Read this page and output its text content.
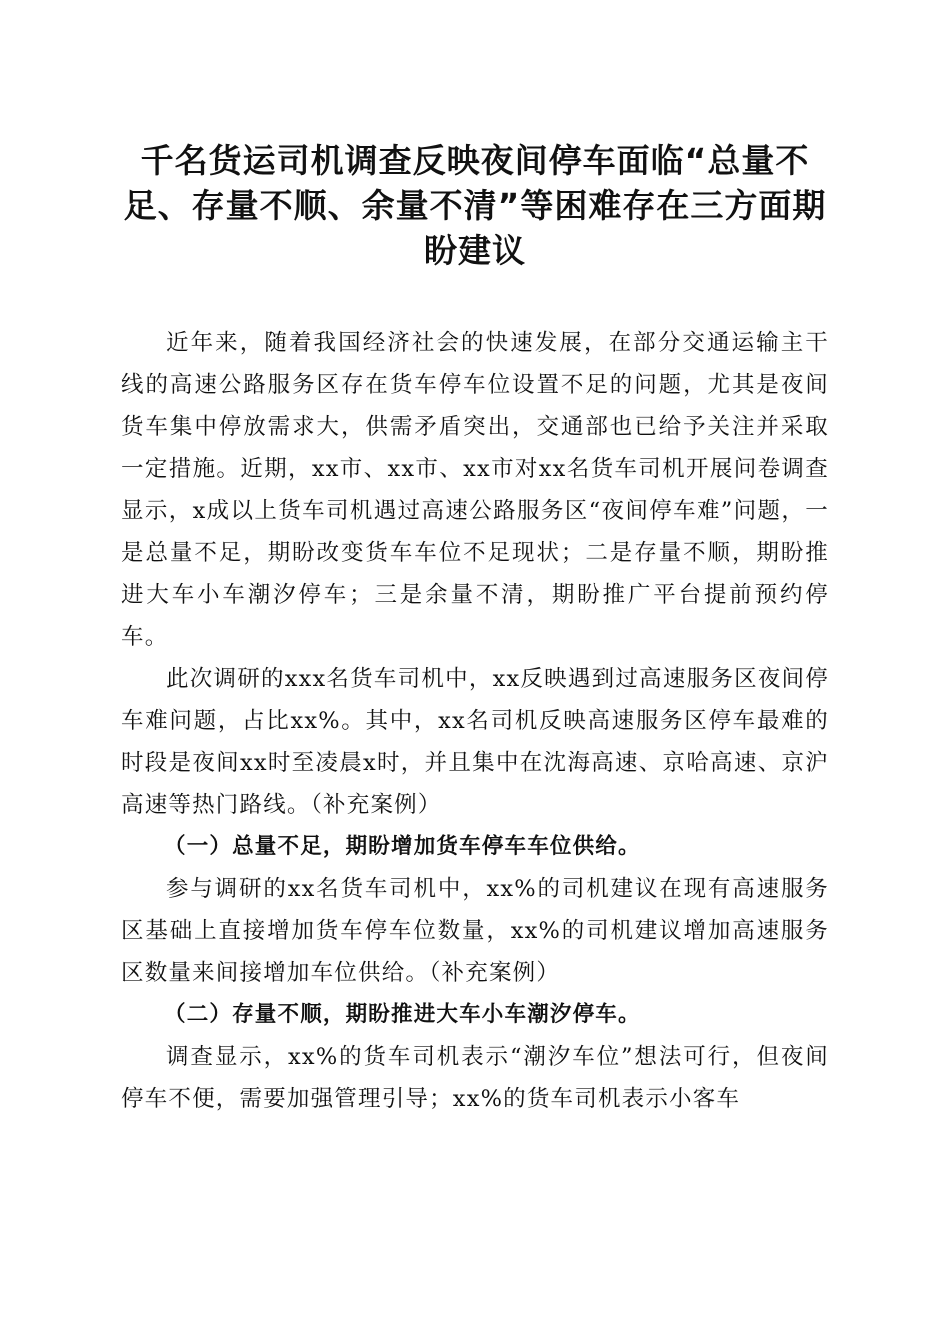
千名货运司机调查反映夜间停车面临“总量不足、存量不顺、余量不清”等困难存在三方面期盼建议

近年来，随着我国经济社会的快速发展，在部分交通运输主干线的高速公路服务区存在货车停车位设置不足的问题，尤其是夜间货车集中停放需求大，供需矛盾突出，交通部也已给予关注并采取一定措施。近期，xx市、xx市、xx市对xx名货车司机开展问卷调查显示，x成以上货车司机遇过高速公路服务区“夜间停车难”问题，一是总量不足，期盼改变货车车位不足现状；二是存量不顺，期盼推进大车小车潮汐停车；三是余量不清，期盼推广平台提前预约停车。

此次调研的xxx名货车司机中，xx反映遇到过高速服务区夜间停车难问题，占比xx%。其中，xx名司机反映高速服务区停车最难的时段是夜间xx时至凌晨x时，并且集中在沈海高速、京哈高速、京沪高速等热门路线。（补充案例）

（一）总量不足，期盼增加货车停车车位供给。

参与调研的xx名货车司机中，xx%的司机建议在现有高速服务区基础上直接增加货车停车位数量，xx%的司机建议增加高速服务区数量来间接增加车位供给。（补充案例）

（二）存量不顺，期盼推进大车小车潮汐停车。

调查显示，xx%的货车司机表示“潮汐车位”想法可行，但夜间停车不便，需要加强管理引导；xx%的货车司机表示小客车
